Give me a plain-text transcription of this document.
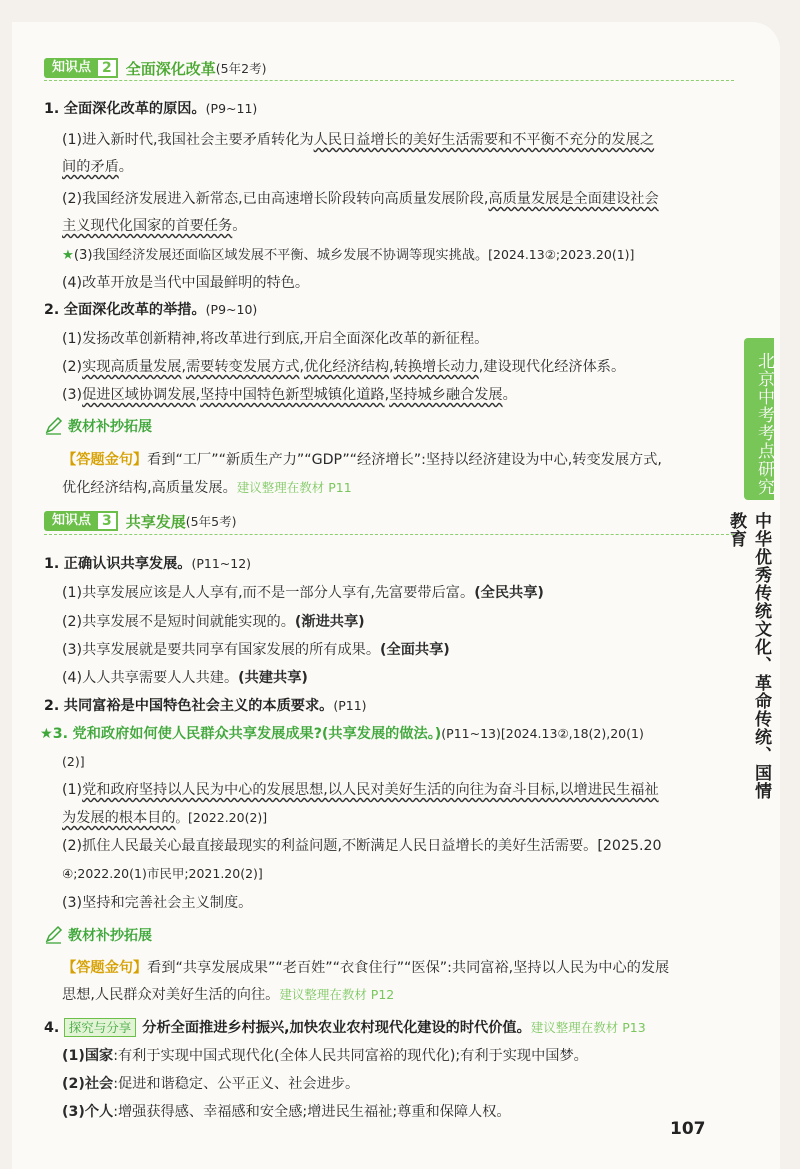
知识点 2 全面深化改革 (5年2考)
1. 全面深化改革的原因。(P9~11)
(1)进入新时代,我国社会主要矛盾转化为人民日益增长的美好生活需要和不平衡不充分的发展之
间的矛盾。
(2)我国经济发展进入新常态,已由高速增长阶段转向高质量发展阶段,高质量发展是全面建设社会
主义现代化国家的首要任务。
★(3)我国经济发展还面临区域发展不平衡、城乡发展不协调等现实挑战。[2024.13②;2023.20(1)]
(4)改革开放是当代中国最鲜明的特色。
2. 全面深化改革的举措。(P9~10)
(1)发扬改革创新精神,将改革进行到底,开启全面深化改革的新征程。
(2)实现高质量发展,需要转变发展方式,优化经济结构,转换增长动力,建设现代化经济体系。
(3)促进区域协调发展,坚持中国特色新型城镇化道路,坚持城乡融合发展。
教材补抄拓展
【答题金句】看到“工厂”“新质生产力”“GDP”“经济增长”:坚持以经济建设为中心,转变发展方式,
优化经济结构,高质量发展。建议整理在教材 P11
知识点 3 共享发展 (5年5考)
1. 正确认识共享发展。(P11~12)
(1)共享发展应该是人人享有,而不是一部分人享有,先富要带后富。(全民共享)
(2)共享发展不是短时间就能实现的。(渐进共享)
(3)共享发展就是要共同享有国家发展的所有成果。(全面共享)
(4)人人共享需要人人共建。(共建共享)
2. 共同富裕是中国特色社会主义的本质要求。(P11)
★3. 党和政府如何使人民群众共享发展成果?(共享发展的做法。)(P11~13)[2024.13②,18(2),20(1)
(2)]
(1)党和政府坚持以人民为中心的发展思想,以人民对美好生活的向往为奋斗目标,以增进民生福祉
为发展的根本目的。[2022.20(2)]
(2)抓住人民最关心最直接最现实的利益问题,不断满足人民日益增长的美好生活需要。[2025.20
④;2022.20(1)市民甲;2021.20(2)]
(3)坚持和完善社会主义制度。
教材补抄拓展
【答题金句】看到“共享发展成果”“老百姓”“衣食住行”“医保”:共同富裕,坚持以人民为中心的发展
思想,人民群众对美好生活的向往。建议整理在教材 P12
4. 探究与分享 分析全面推进乡村振兴,加快农业农村现代化建设的时代价值。建议整理在教材 P13
(1)国家:有利于实现中国式现代化(全体人民共同富裕的现代化);有利于实现中国梦。
(2)社会:促进和谐稳定、公平正义、社会进步。
(3)个人:增强获得感、幸福感和安全感;增进民生福祉;尊重和保障人权。
北京中考考点研究
中华优秀传统文化、革命传统、国情教育
107
